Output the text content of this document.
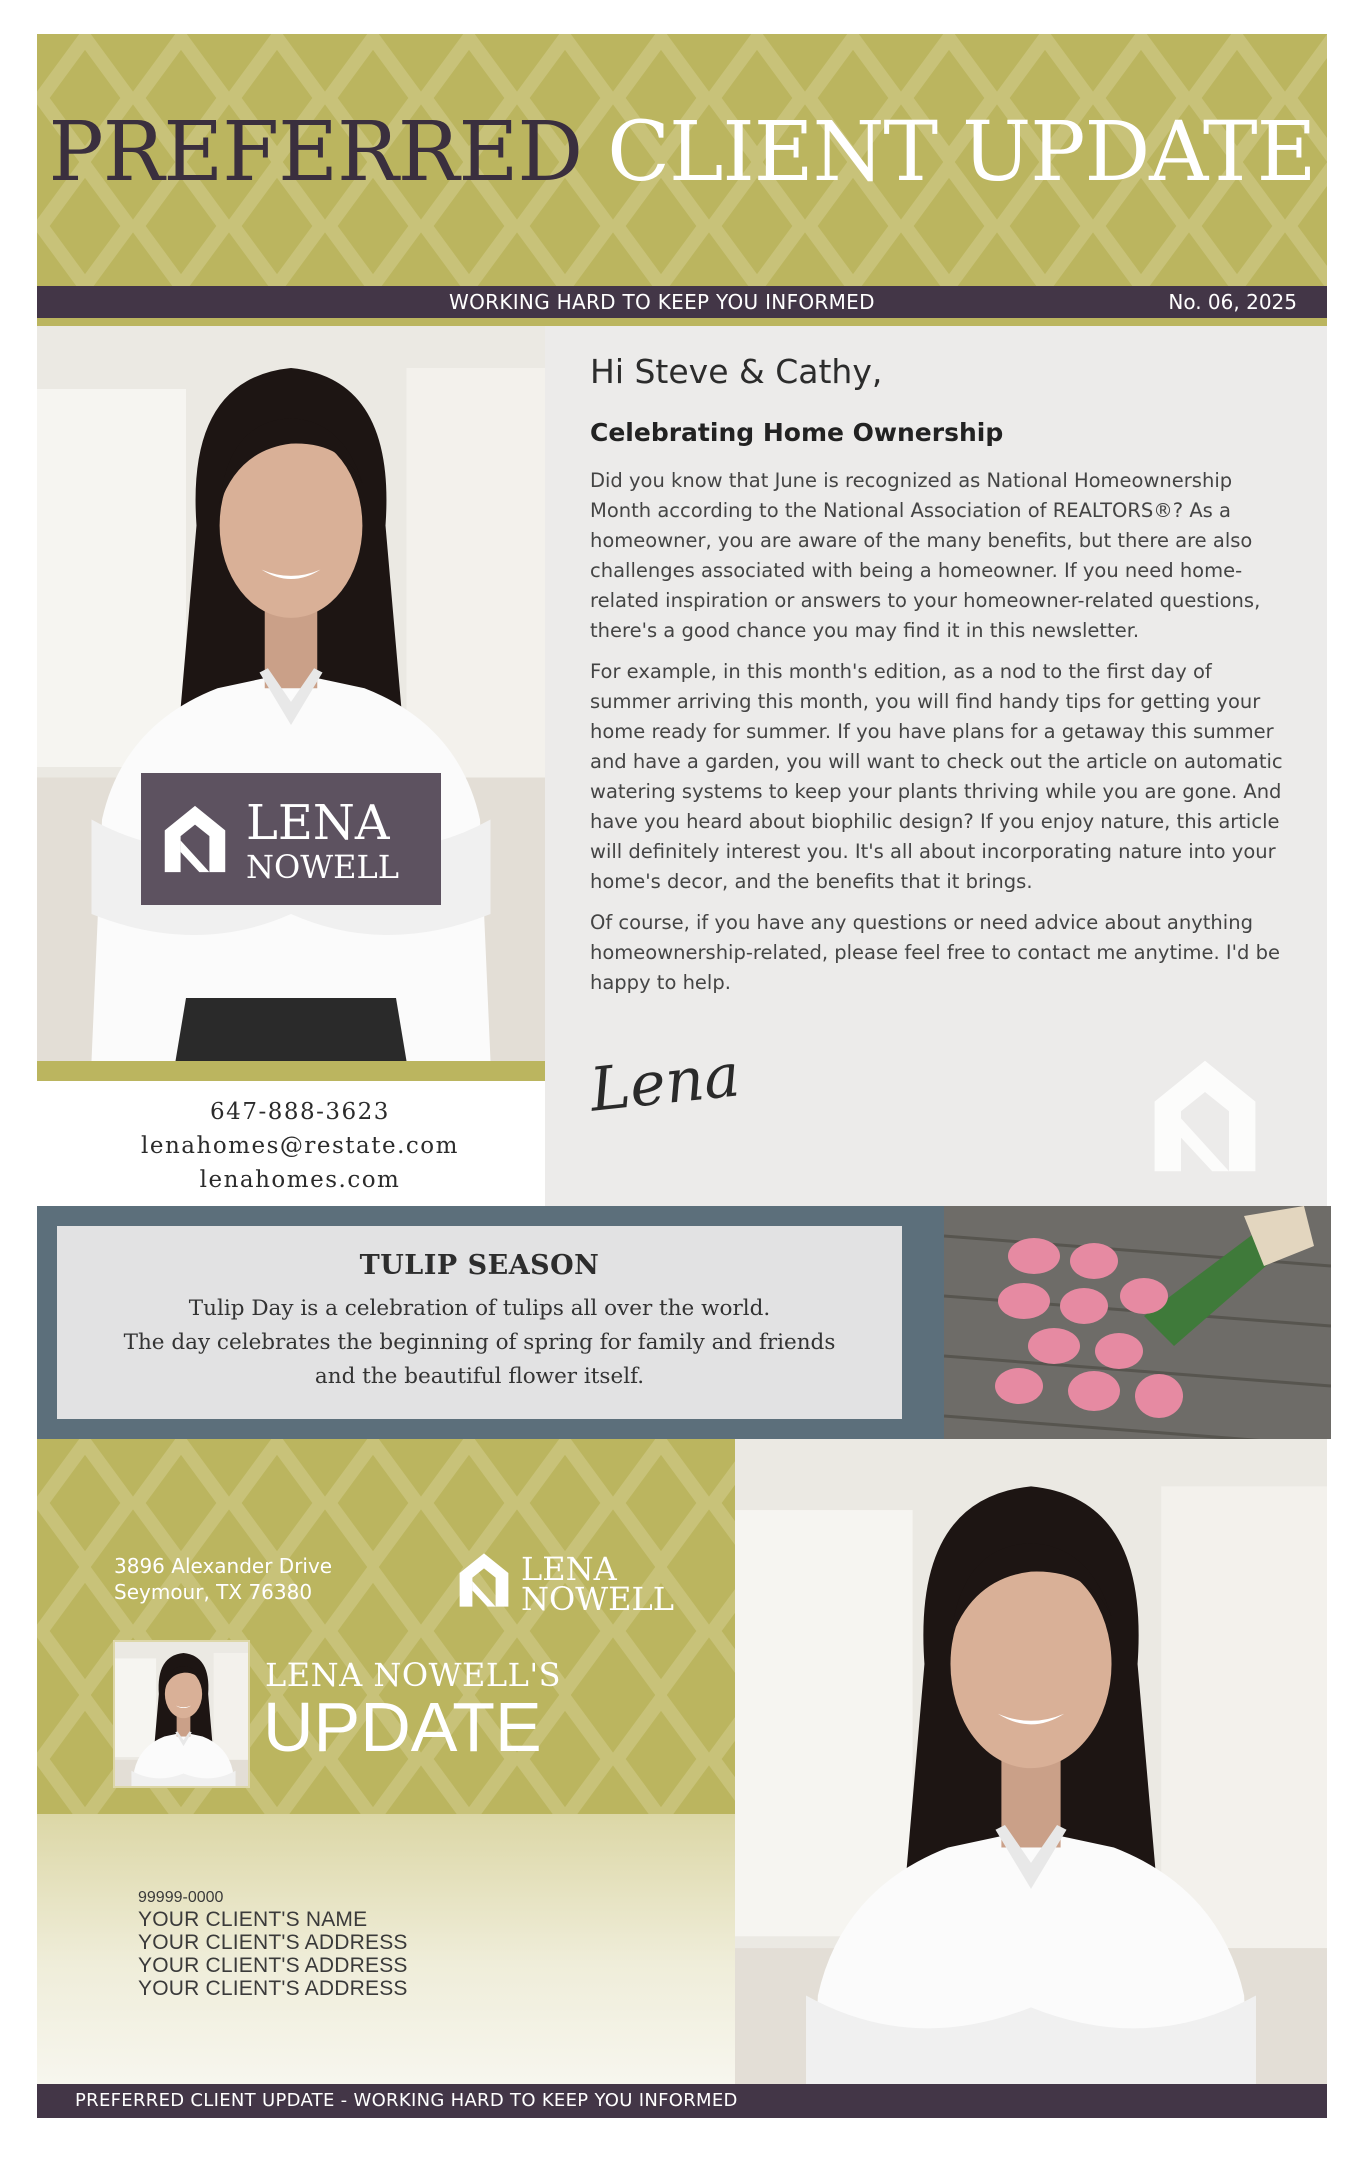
PREFERRED CLIENT UPDATE
WORKING HARD TO KEEP YOU INFORMED	No. 06, 2025
LENA
NOWELL
647-888-3623
lenahomes@restate.com
lenahomes.com
Hi Steve & Cathy,
Celebrating Home Ownership

Did you know that June is recognized as National Homeownership Month according to the National Association of REALTORS®? As a homeowner, you are aware of the many benefits, but there are also challenges associated with being a homeowner. If you need home-related inspiration or answers to your homeowner-related questions, there's a good chance you may find it in this newsletter.

For example, in this month's edition, as a nod to the first day of summer arriving this month, you will find handy tips for getting your home ready for summer. If you have plans for a getaway this summer and have a garden, you will want to check out the article on automatic watering systems to keep your plants thriving while you are gone. And have you heard about biophilic design? If you enjoy nature, this article will definitely interest you. It's all about incorporating nature into your home's decor, and the benefits that it brings.

Of course, if you have any questions or need advice about anything homeownership-related, please feel free to contact me anytime. I'd be happy to help.

Lena
TULIP SEASON
Tulip Day is a celebration of tulips all over the world.
The day celebrates the beginning of spring for family and friends
and the beautiful flower itself.
3896 Alexander Drive
Seymour, TX 76380
LENA
NOWELL
LENA NOWELL'S
UPDATE
99999-0000
YOUR CLIENT'S NAME
YOUR CLIENT'S ADDRESS
YOUR CLIENT'S ADDRESS
YOUR CLIENT'S ADDRESS
PREFERRED CLIENT UPDATE - WORKING HARD TO KEEP YOU INFORMED
